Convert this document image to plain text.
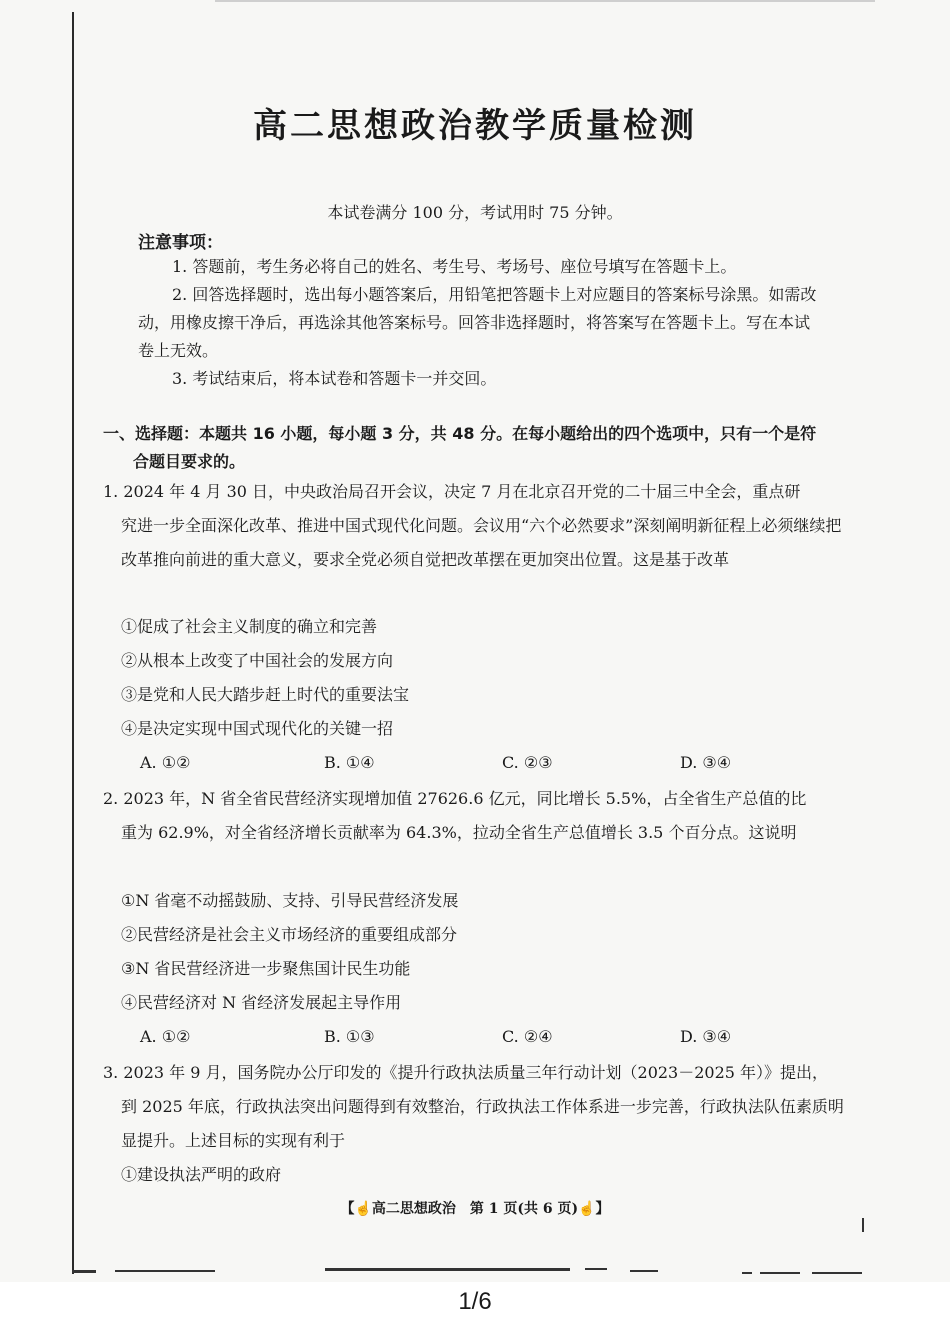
高二思想政治教学质量检测
本试卷满分 100 分，考试用时 75 分钟。
注意事项：
1. 答题前，考生务必将自己的姓名、考生号、考场号、座位号填写在答题卡上。
2. 回答选择题时，选出每小题答案后，用铅笔把答题卡上对应题目的答案标号涂黑。如需改动，用橡皮擦干净后，再选涂其他答案标号。回答非选择题时，将答案写在答题卡上。写在本试卷上无效。
3. 考试结束后，将本试卷和答题卡一并交回。
一、选择题：本题共 16 小题，每小题 3 分，共 48 分。在每小题给出的四个选项中，只有一个是符
合题目要求的。
1. 2024 年 4 月 30 日，中央政治局召开会议，决定 7 月在北京召开党的二十届三中全会，重点研
究进一步全面深化改革、推进中国式现代化问题。会议用“六个必然要求”深刻阐明新征程上必须继续把改革推向前进的重大意义，要求全党必须自觉把改革摆在更加突出位置。这是基于改革
①促成了社会主义制度的确立和完善
②从根本上改变了中国社会的发展方向
③是党和人民大踏步赶上时代的重要法宝
④是决定实现中国式现代化的关键一招
A. ①②	B. ①④	C. ②③	D. ③④
2. 2023 年，N 省全省民营经济实现增加值 27626.6 亿元，同比增长 5.5%，占全省生产总值的比
重为 62.9%，对全省经济增长贡献率为 64.3%，拉动全省生产总值增长 3.5 个百分点。这说明
①N 省毫不动摇鼓励、支持、引导民营经济发展
②民营经济是社会主义市场经济的重要组成部分
③N 省民营经济进一步聚焦国计民生功能
④民营经济对 N 省经济发展起主导作用
A. ①②	B. ①③	C. ②④	D. ③④
3. 2023 年 9 月，国务院办公厅印发的《提升行政执法质量三年行动计划（2023－2025 年）》提出，
到 2025 年底，行政执法突出问题得到有效整治，行政执法工作体系进一步完善，行政执法队伍素质明显提升。上述目标的实现有利于
①建设执法严明的政府
【☝高二思想政治　第 1 页(共 6 页)☝】
1/6
